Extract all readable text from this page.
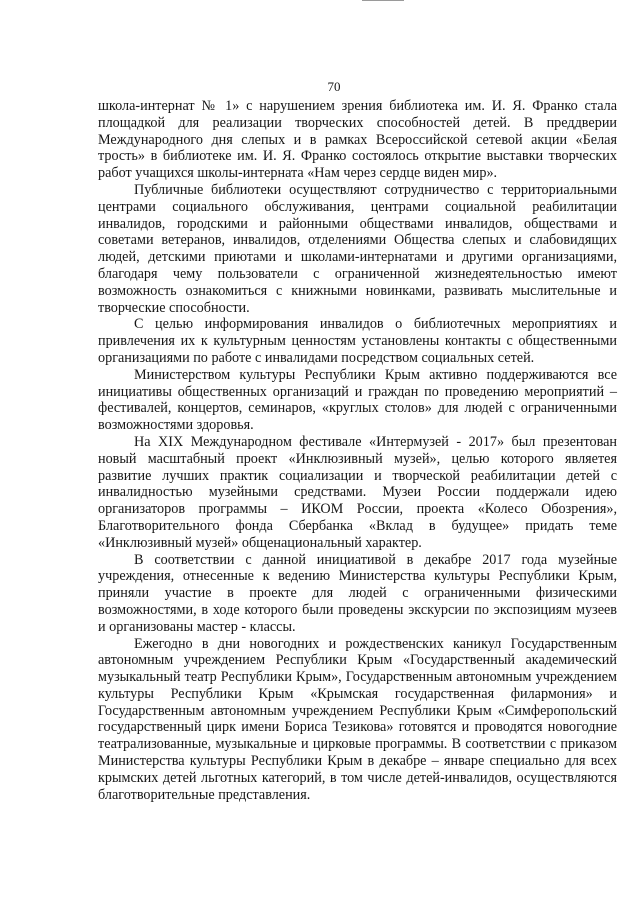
70

школа-интернат № 1» с нарушением зрения библиотека им. И. Я. Франко стала площадкой для реализации творческих способностей детей. В преддверии Международного дня слепых и в рамках Всероссийской сетевой акции «Белая трость» в библиотеке им. И. Я. Франко состоялось открытие выставки творческих работ учащихся школы-интерната «Нам через сердце виден мир».

Публичные библиотеки осуществляют сотрудничество с территориальными центрами социального обслуживания, центрами социальной реабилитации инвалидов, городскими и районными обществами инвалидов, обществами и советами ветеранов, инвалидов, отделениями Общества слепых и слабовидящих людей, детскими приютами и школами-интернатами и другими организациями, благодаря чему пользователи с ограниченной жизнедеятельностью имеют возможность ознакомиться с книжными новинками, развивать мыслительные и творческие способности.

С целью информирования инвалидов о библиотечных мероприятиях и привлечения их к культурным ценностям установлены контакты с общественными организациями по работе с инвалидами посредством социальных сетей.

Министерством культуры Республики Крым активно поддерживаются все инициативы общественных организаций и граждан по проведению мероприятий – фестивалей, концертов, семинаров, «круглых столов» для людей с ограниченными возможностями здоровья.

На XIX Международном фестивале «Интермузей - 2017» был презентован новый масштабный проект «Инклюзивный музей», целью которого являетея развитие лучших практик социализации и творческой реабилитации детей с инвалидностью музейными средствами. Музеи России поддержали идею организаторов программы – ИКОМ России, проекта «Колесо Обозрения», Благотворительного фонда Сбербанка «Вклад в будущее» придать теме «Инклюзивный музей» общенациональный характер.

В соответствии с данной инициативой в декабре 2017 года музейные учреждения, отнесенные к ведению Министерства культуры Республики Крым, приняли участие в проекте для людей с ограниченными физическими возможностями, в ходе которого были проведены экскурсии по экспозициям музеев и организованы мастер - классы.

Ежегодно в дни новогодних и рождественских каникул Государственным автономным учреждением Республики Крым «Государственный академический музыкальный театр Республики Крым», Государственным автономным учреждением культуры Республики Крым «Крымская государственная филармония» и Государственным автономным учреждением Республики Крым «Симферопольский государственный цирк имени Бориса Тезикова» готовятся и проводятся новогодние театрализованные, музыкальные и цирковые программы. В соответствии с приказом Министерства культуры Республики Крым в декабре – январе специально для всех крымских детей льготных категорий, в том числе детей-инвалидов, осуществляются благотворительные представления.
